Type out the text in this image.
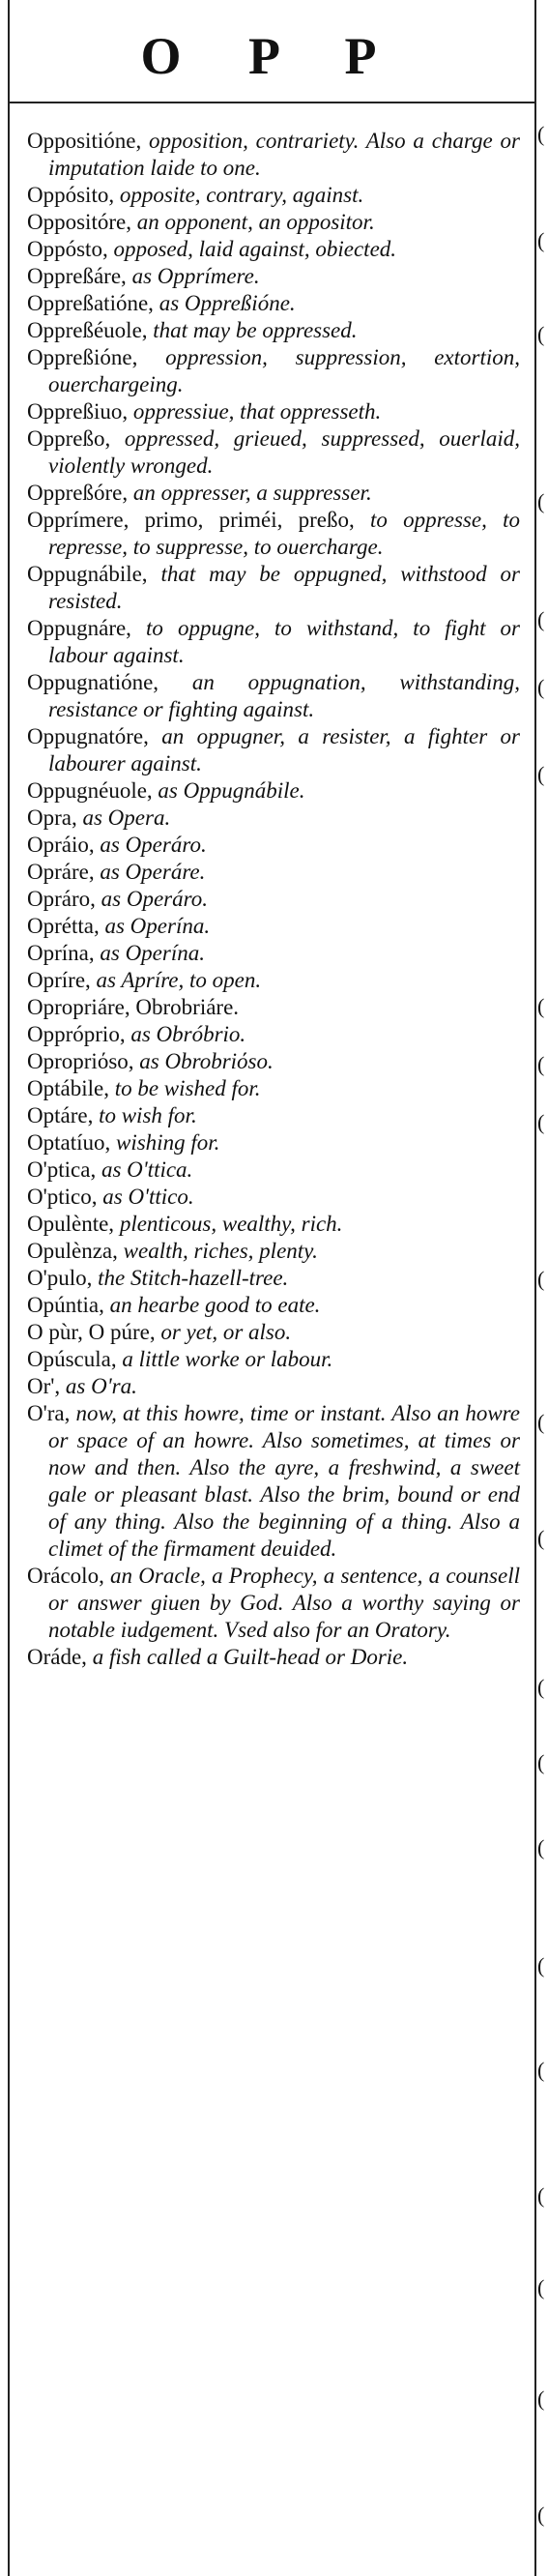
O P P

Oppositióne, opposition, contrariety. Also a charge or imputation laide to one.

Oppósito, opposite, contrary, against.

Oppositóre, an opponent, an oppositor.

Oppósto, opposed, laid against, obiected.

Oppreßáre, as Opprímere.

Oppreßatióne, as Oppreßióne.

Oppreßéuole, that may be oppressed.

Oppreßióne, oppression, suppression, extortion, ouerchargeing.

Oppreßiuo, oppressiue, that oppresseth.

Oppreßo, oppressed, grieued, suppressed, ouerlaid, violently wronged.

Oppreßóre, an oppresser, a suppresser.

Opprímere, primo, priméi, preßo, to oppresse, to represse, to suppresse, to ouercharge.

Oppugnábile, that may be oppugned, withstood or resisted.

Oppugnáre, to oppugne, to withstand, to fight or labour against.

Oppugnatióne, an oppugnation, withstanding, resistance or fighting against.

Oppugnatóre, an oppugner, a resister, a fighter or labourer against.

Oppugnéuole, as Oppugnábile.

Opra, as Opera.

Opráio, as Operáro.

Opráre, as Operáre.

Opráro, as Operáro.

Oprétta, as Operína.

Oprína, as Operína.

Opríre, as Apríre, to open.

Opropriáre, Obrobriáre.

Oppróprio, as Obróbrio.

Opropriόso, as Obrobriόso.

Optábile, to be wished for.

Optáre, to wish for.

Optatíuo, wishing for.

O'ptica, as O'ttica.

O'ptico, as O'ttico.

Opulènte, plenticous, wealthy, rich.

Opulènza, wealth, riches, plenty.

O'pulo, the Stitch-hazell-tree.

Opúntia, an hearbe good to eate.

O pùr, O púre, or yet, or also.

Opúscula, a little worke or labour.

Or', as O'ra.

O'ra, now, at this howre, time or instant. Also an howre or space of an howre. Also sometimes, at times or now and then. Also the ayre, a freshwind, a sweet gale or pleasant blast. Also the brim, bound or end of any thing. Also the beginning of a thing. Also a climet of the firmament deuided.

Orácolo, an Oracle, a Prophecy, a sentence, a counsell or answer giuen by God. Also a worthy saying or notable iudgement. Vsed also for an Oratory.

Oráde, a fish called a Guilt-head or Dorie.

(
(
(
(
(
(
(
(
(
(
(
(
(
(
(
(
(
(
(
(
(
(
